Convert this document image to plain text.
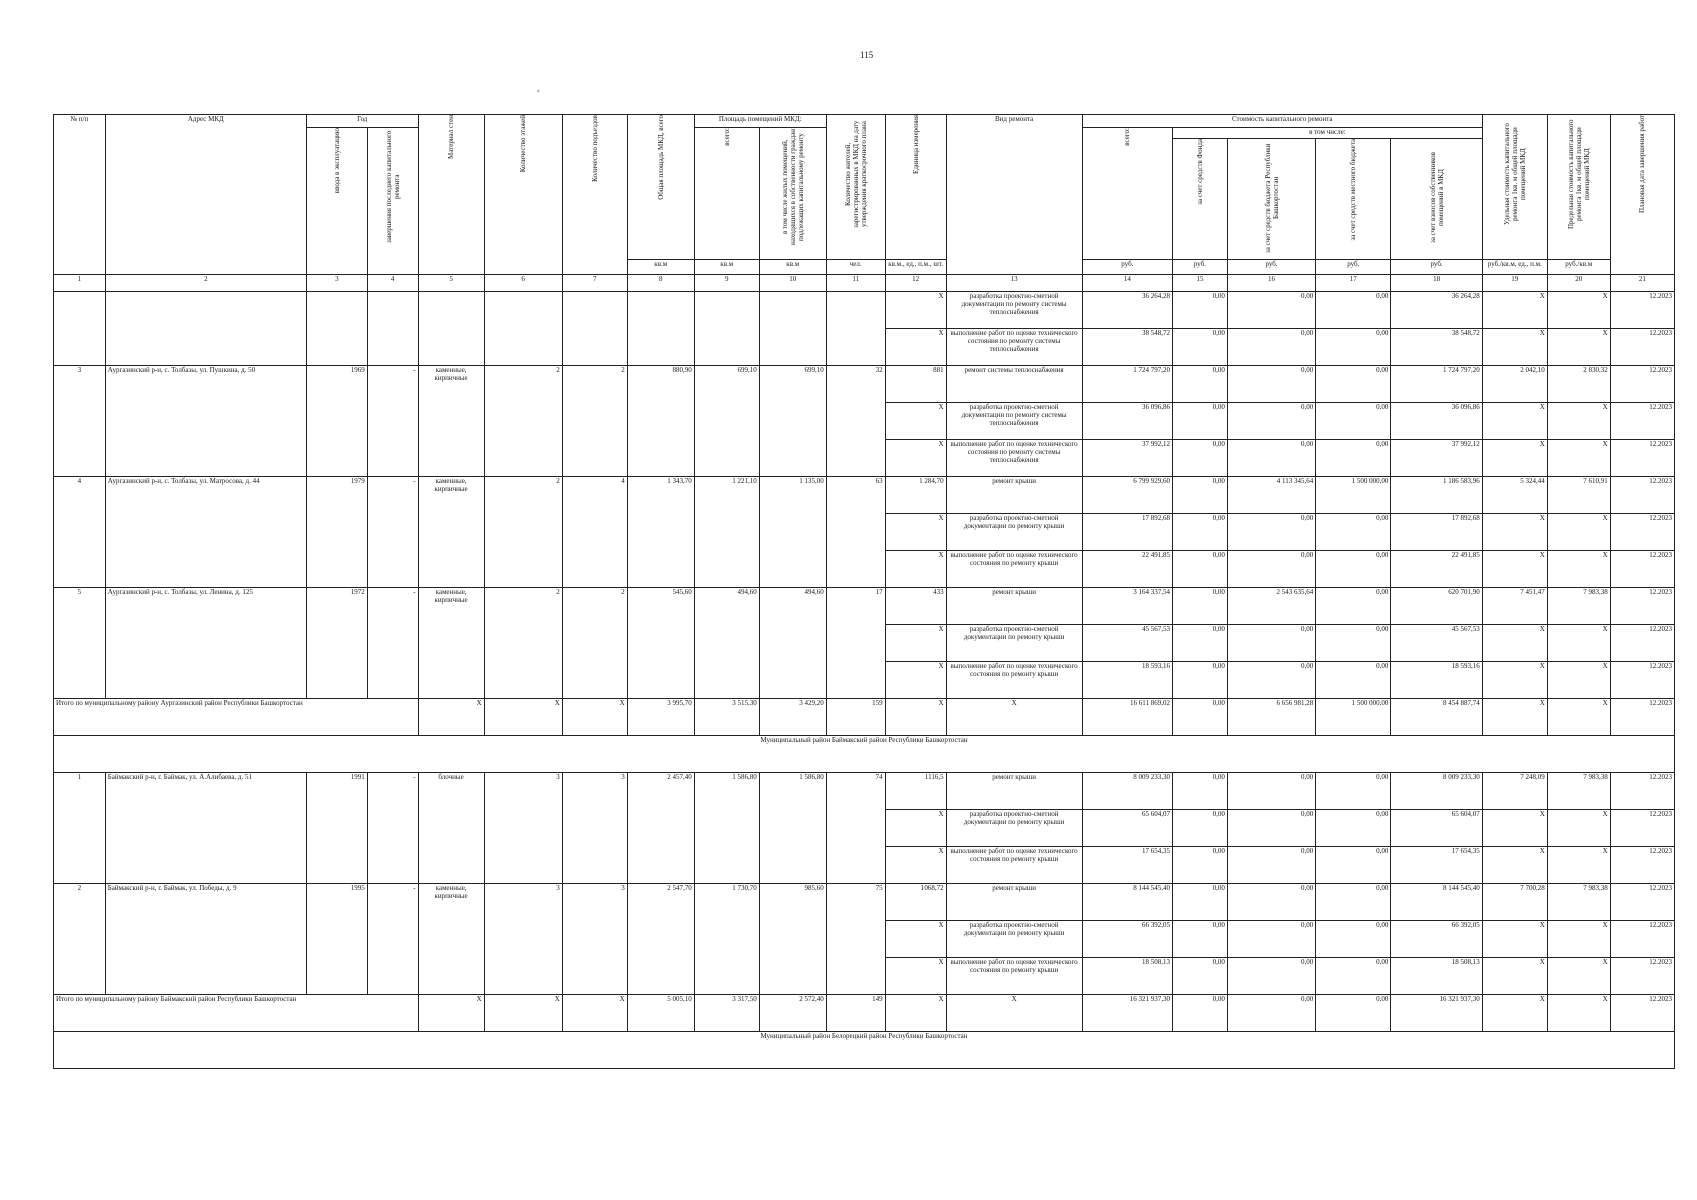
115
⸗
№ п/п	Адрес МКД	Год		Материал стен	Количество этажей	Количество подъездов	Общая площадь МКД, всего	Площадь помещений МКД:		Количество жителей, зарегистрированных в МКД на дату утверждения краткосрочного плана	Единица измерения	Вид ремонта	Стоимость капитального ремонта					Удельная стоимость капитального ремонта 1кв. м общей площади помещений МКД	Предельная стоимость капитального ремонта 1кв. м общей площади помещений МКД	Плановая дата завершения работ
		ввода в эксплуатацию	завершения последнего капитального ремонта					всего:	в том числе жилых помещений, находящихся в собственности граждан подлежащих капитальному ремонту				всего:	в том числе:						
														за счет средств Фонда	за счет средств бюджета Республики Башкортостан	за счет средств местного бюджета	за счет взносов собственников помещений в МКД			
							кв.м	кв.м	кв.м	чел.	кв.м., ед., п.м., шт.		руб.	руб.	руб.	руб.	руб.	руб./кв.м, ед., п.м.	руб./кв.м	
1	2	3	4	5	6	7	8	9	10	11	12	13	14	15	16	17	18	19	20	21
											X	разработка проектно-сметной документации по ремонту системы теплоснабжения	36 264,28	0,00	0,00	0,00	36 264,28	X	X	12.2023
											X	выполнение работ по оценке технического состояния по ремонту системы теплоснабжения	38 548,72	0,00	0,00	0,00	38 548,72	X	X	12.2023
3	Аургазинский р-н, с. Толбазы, ул. Пушкина, д. 50	1969	-	каменные, кирпичные	2	2	880,90	699,10	699,10	32	881	ремонт системы теплоснабжения	1 724 797,20	0,00	0,00	0,00	1 724 797,20	2 042,10	2 830,32	12.2023
											X	разработка проектно-сметной документации по ремонту системы теплоснабжения	36 096,86	0,00	0,00	0,00	36 096,86	X	X	12.2023
											X	выполнение работ по оценке технического состояния по ремонту системы теплоснабжения	37 992,12	0,00	0,00	0,00	37 992,12	X	X	12.2023
4	Аургазинский р-н, с. Толбазы, ул. Матросова, д. 44	1979	-	каменные, кирпичные	2	4	1 343,70	1 221,10	1 135,00	63	1 284,70	ремонт крыши	6 799 929,60	0,00	4 113 345,64	1 500 000,00	1 186 583,96	5 324,44	7 610,91	12.2023
											X	разработка проектно-сметной документации по ремонту крыши	17 892,68	0,00	0,00	0,00	17 892,68	X	X	12.2023
											X	выполнение работ по оценке технического состояния по ремонту крыши	22 491,85	0,00	0,00	0,00	22 491,85	X	X	12.2023
5	Аургазинский р-н, с. Толбазы, ул. Ленина, д. 125	1972	-	каменные, кирпичные	2	2	545,60	494,60	494,60	17	433	ремонт крыши	3 164 337,54	0,00	2 543 635,64	0,00	620 701,90	7 451,47	7 983,38	12.2023
											X	разработка проектно-сметной документации по ремонту крыши	45 567,53	0,00	0,00	0,00	45 567,53	X	X	12.2023
											X	выполнение работ по оценке технического состояния по ремонту крыши	18 593,16	0,00	0,00	0,00	18 593,16	X	X	12.2023
Итого по муниципальному району Аургазинский район Республики Башкортостан				X	X	X	3 995,70	3 515,30	3 429,20	159	X	X	16 611 869,02	0,00	6 656 981,28	1 500 000,00	8 454 887,74	X	X	12.2023
Муниципальный район Баймакский район Республики Башкортостан																				
1	Баймакский р-н, г. Баймак, ул. А.Алибаева, д. 51	1991	-	блочные	3	3	2 457,40	1 586,80	1 586,80	74	1116,5	ремонт крыши	8 009 233,30	0,00	0,00	0,00	8 009 233,30	7 248,09	7 983,38	12.2023
											X	разработка проектно-сметной документации по ремонту крыши	65 604,07	0,00	0,00	0,00	65 604,07	X	X	12.2023
											X	выполнение работ по оценке технического состояния по ремонту крыши	17 654,35	0,00	0,00	0,00	17 654,35	X	X	12.2023
2	Баймакский р-н, г. Баймак, ул. Победы, д. 9	1995	-	каменные, кирпичные	3	3	2 547,70	1 730,70	985,60	75	1068,72	ремонт крыши	8 144 545,40	0,00	0,00	0,00	8 144 545,40	7 700,28	7 983,38	12.2023
											X	разработка проектно-сметной документации по ремонту крыши	66 392,05	0,00	0,00	0,00	66 392,05	X	X	12.2023
											X	выполнение работ по оценке технического состояния по ремонту крыши	18 508,13	0,00	0,00	0,00	18 508,13	X	X	12.2023
Итого по муниципальному району Баймакский район Республики Башкортостан				X	X	X	5 005,10	3 317,50	2 572,40	149	X	X	16 321 937,30	0,00	0,00	0,00	16 321 937,30	X	X	12.2023
Муниципальный район Белорецкий район Республики Башкортостан																				
